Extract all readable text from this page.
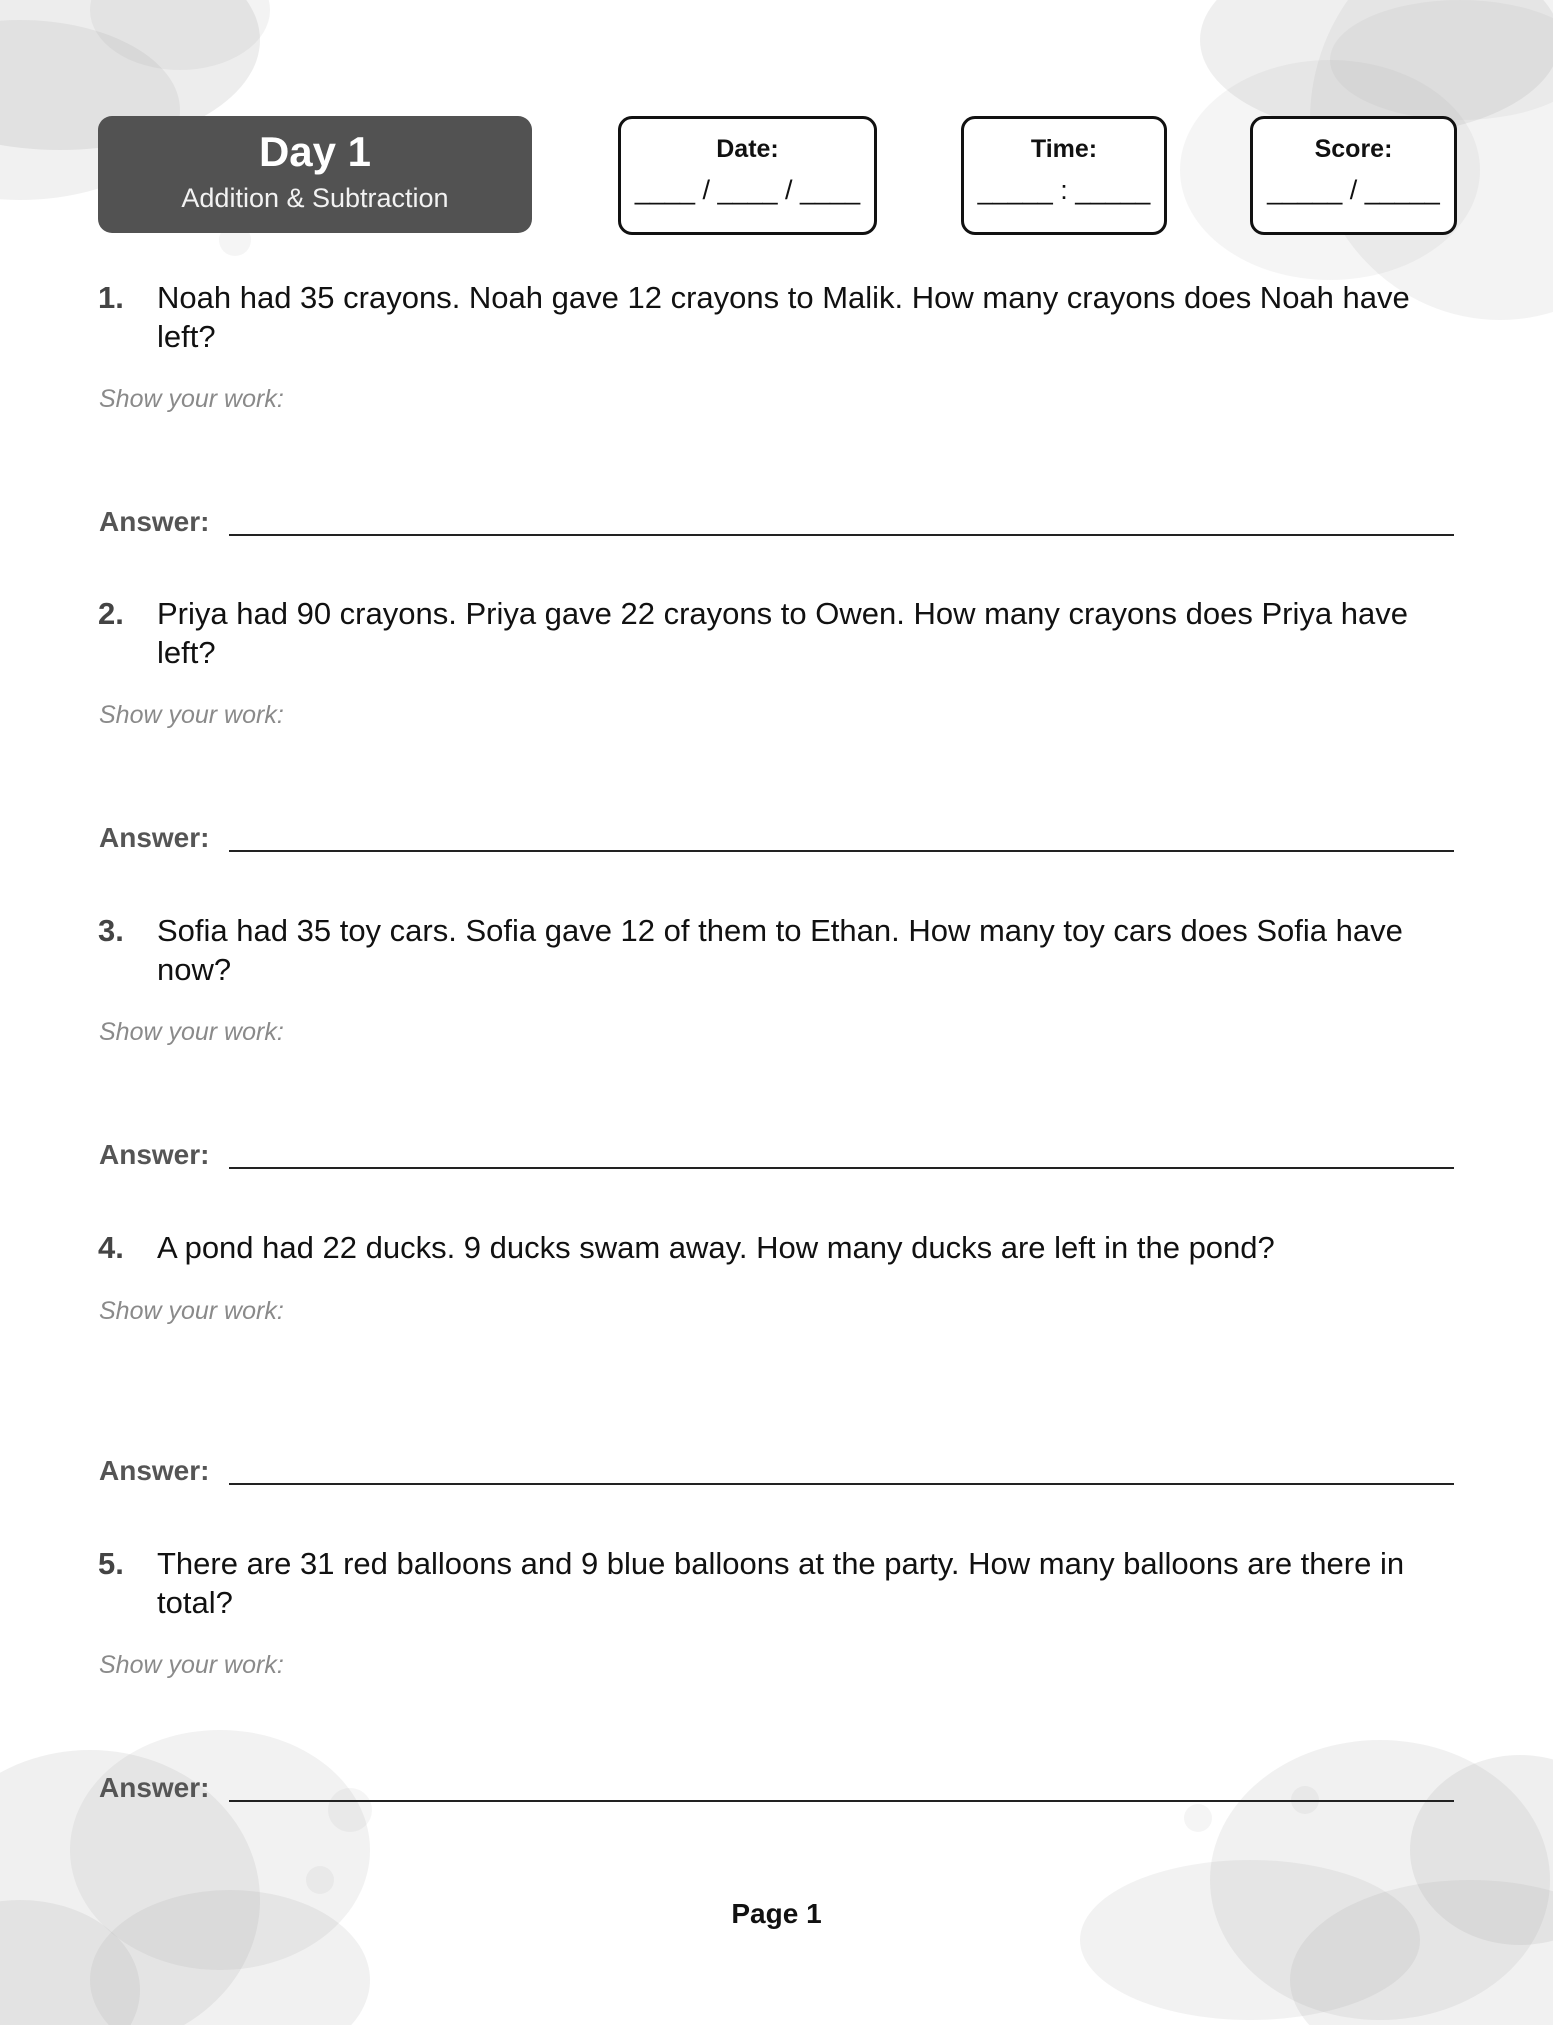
Day 1
Addition & Subtraction
Date:
____ / ____ / ____
Time:
_____ : _____
Score:
_____ / _____
1. Noah had 35 crayons. Noah gave 12 crayons to Malik. How many crayons does Noah have left?
Show your work:
Answer:
2. Priya had 90 crayons. Priya gave 22 crayons to Owen. How many crayons does Priya have left?
Show your work:
Answer:
3. Sofia had 35 toy cars. Sofia gave 12 of them to Ethan. How many toy cars does Sofia have now?
Show your work:
Answer:
4. A pond had 22 ducks. 9 ducks swam away. How many ducks are left in the pond?
Show your work:
Answer:
5. There are 31 red balloons and 9 blue balloons at the party. How many balloons are there in total?
Show your work:
Answer:
Page 1
